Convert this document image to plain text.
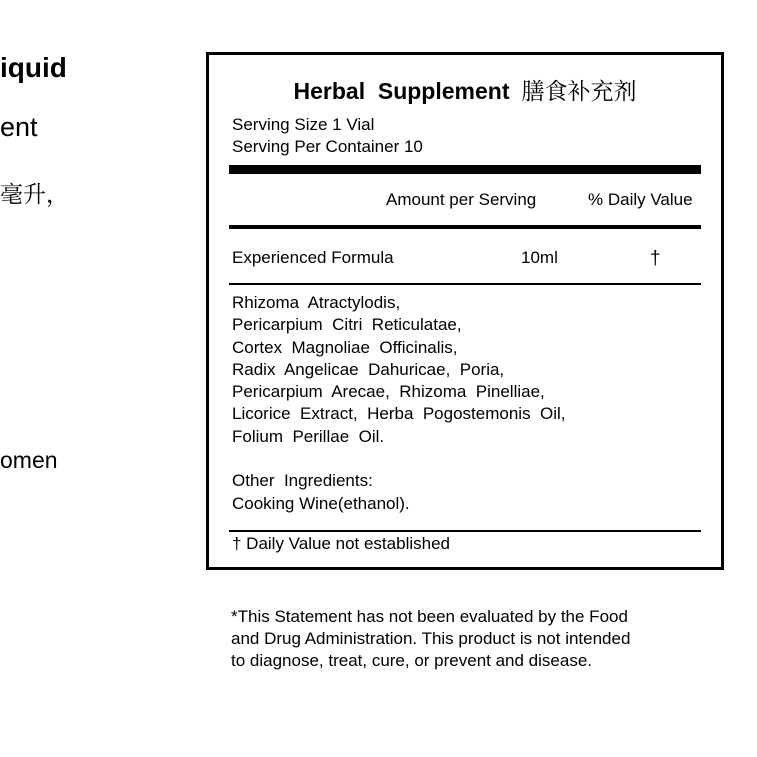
iquid
ent
毫升，
omen
Herbal  Supplement 膳食补充剂
Serving Size 1 Vial
Serving Per Container 10
Amount per Serving	% Daily Value
Experienced Formula	10ml	†
Rhizoma  Atractylodis,
Pericarpium  Citri  Reticulatae,
Cortex  Magnoliae  Officinalis,
Radix  Angelicae  Dahuricae,  Poria,
Pericarpium  Arecae,  Rhizoma  Pinelliae,
Licorice  Extract,  Herba  Pogostemonis  Oil,
Folium  Perillae  Oil.
Other  Ingredients:
Cooking Wine(ethanol).
† Daily Value not established
*This Statement has not been evaluated by the Food
and Drug Administration. This product is not intended
to diagnose, treat, cure, or prevent and disease.
